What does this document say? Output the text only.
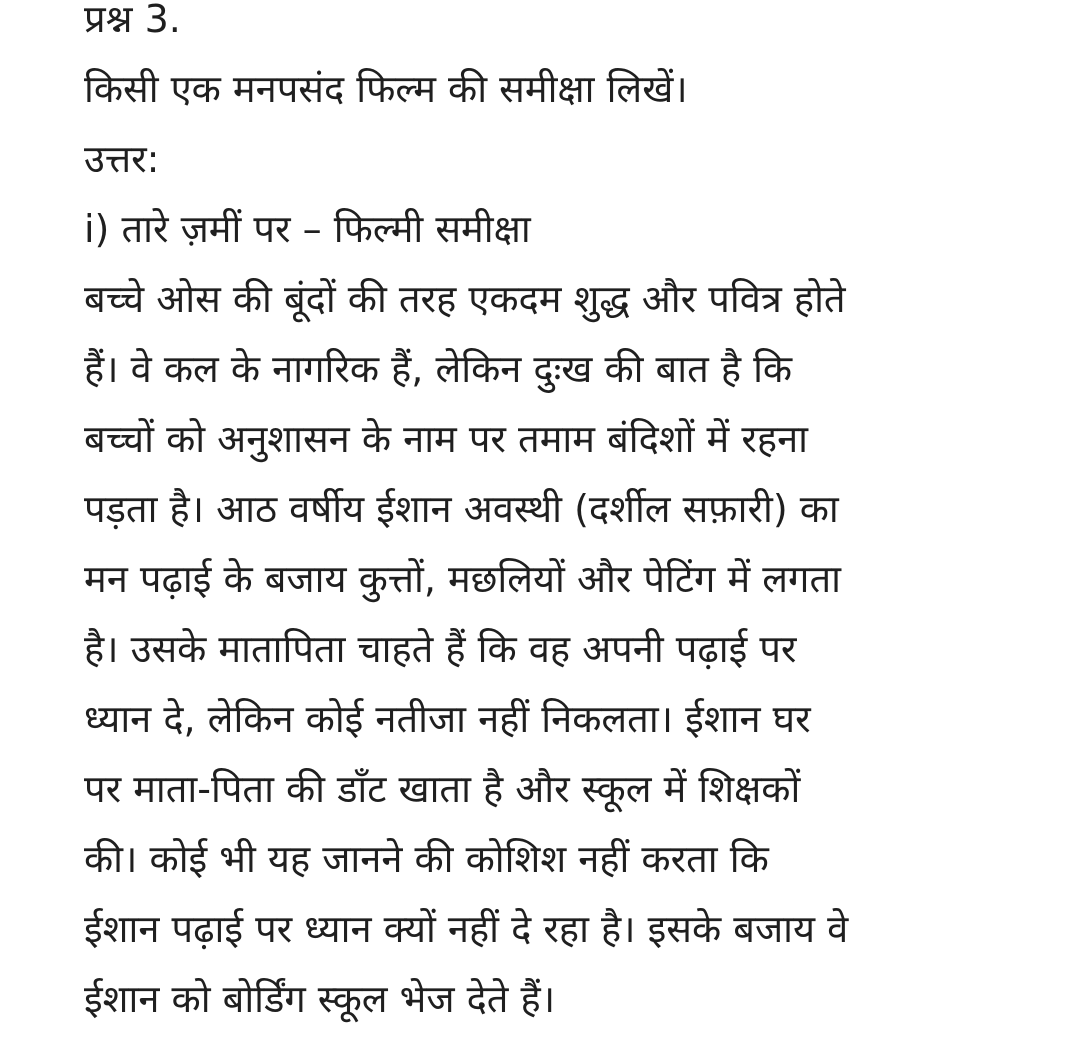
प्रश्न 3.
किसी एक मनपसंद फिल्म की समीक्षा लिखें।
उत्तर:
i) तारे ज़मीं पर – फिल्मी समीक्षा
बच्चे ओस की बूंदों की तरह एकदम शुद्ध और पवित्र होते
हैं। वे कल के नागरिक हैं, लेकिन दुःख की बात है कि
बच्चों को अनुशासन के नाम पर तमाम बंदिशों में रहना
पड़ता है। आठ वर्षीय ईशान अवस्थी (दर्शील सफ़ारी) का
मन पढ़ाई के बजाय कुत्तों, मछलियों और पेटिंग में लगता
है। उसके मातापिता चाहते हैं कि वह अपनी पढ़ाई पर
ध्यान दे, लेकिन कोई नतीजा नहीं निकलता। ईशान घर
पर माता-पिता की डाँट खाता है और स्कूल में शिक्षकों
की। कोई भी यह जानने की कोशिश नहीं करता कि
ईशान पढ़ाई पर ध्यान क्यों नहीं दे रहा है। इसके बजाय वे
ईशान को बोर्डिंग स्कूल भेज देते हैं।
